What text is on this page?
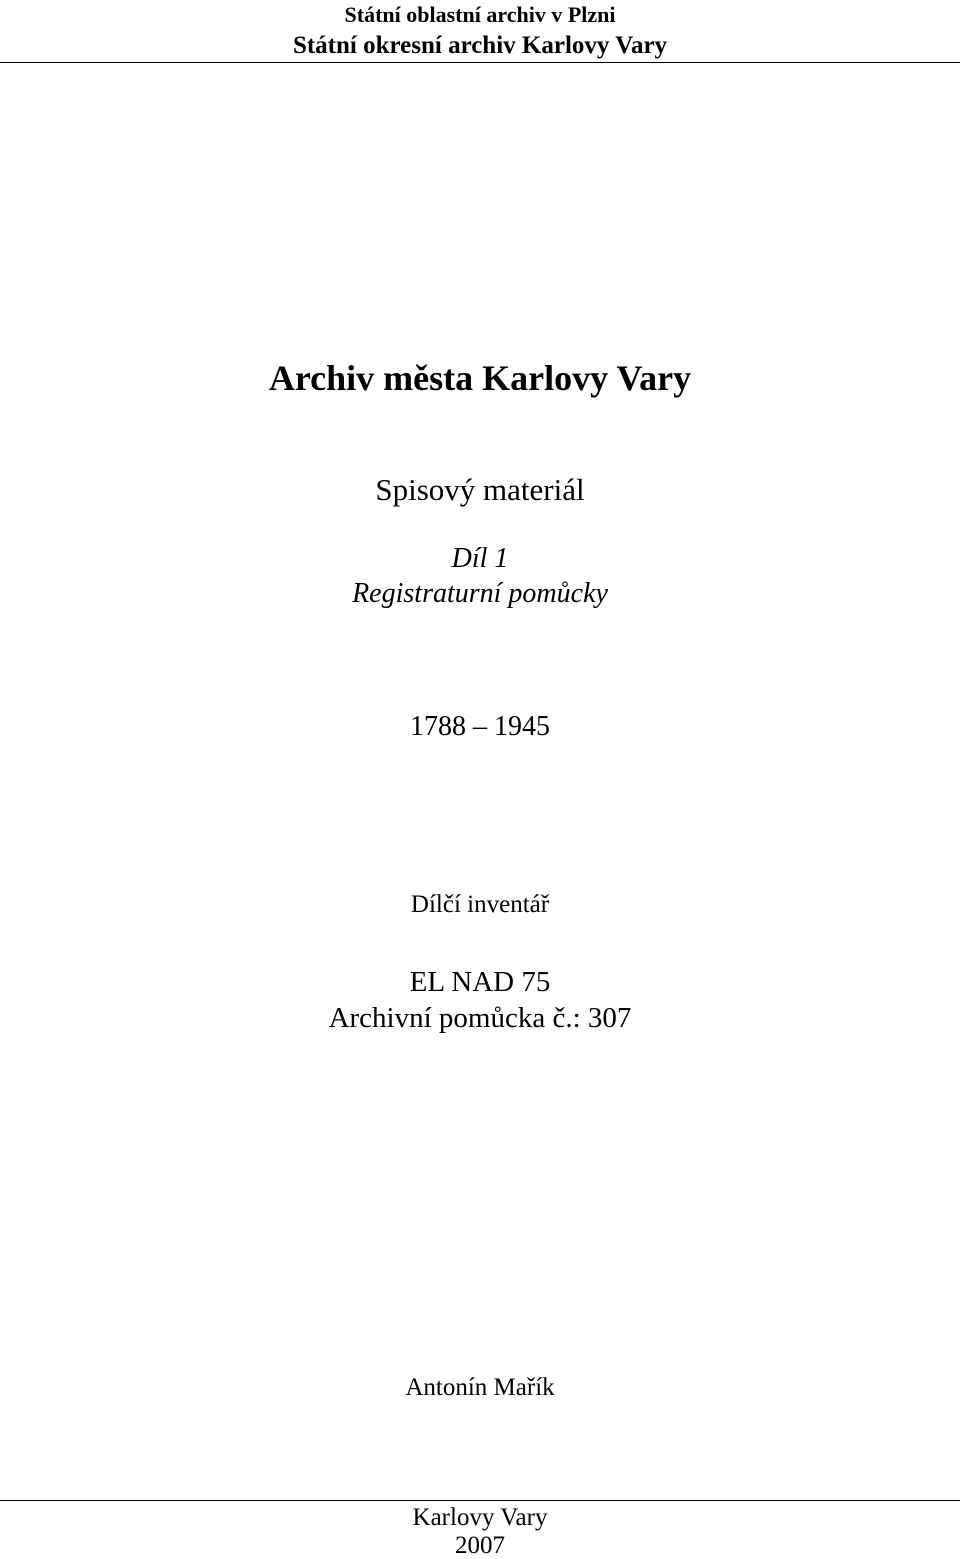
Státní oblastní archiv v Plzni
Státní okresní archiv Karlovy Vary
Archiv města Karlovy Vary
Spisový materiál
Díl 1
Registraturní pomůcky
1788 – 1945
Dílčí inventář
EL NAD 75
Archivní pomůcka č.: 307
Antonín Mařík
Karlovy Vary
2007
